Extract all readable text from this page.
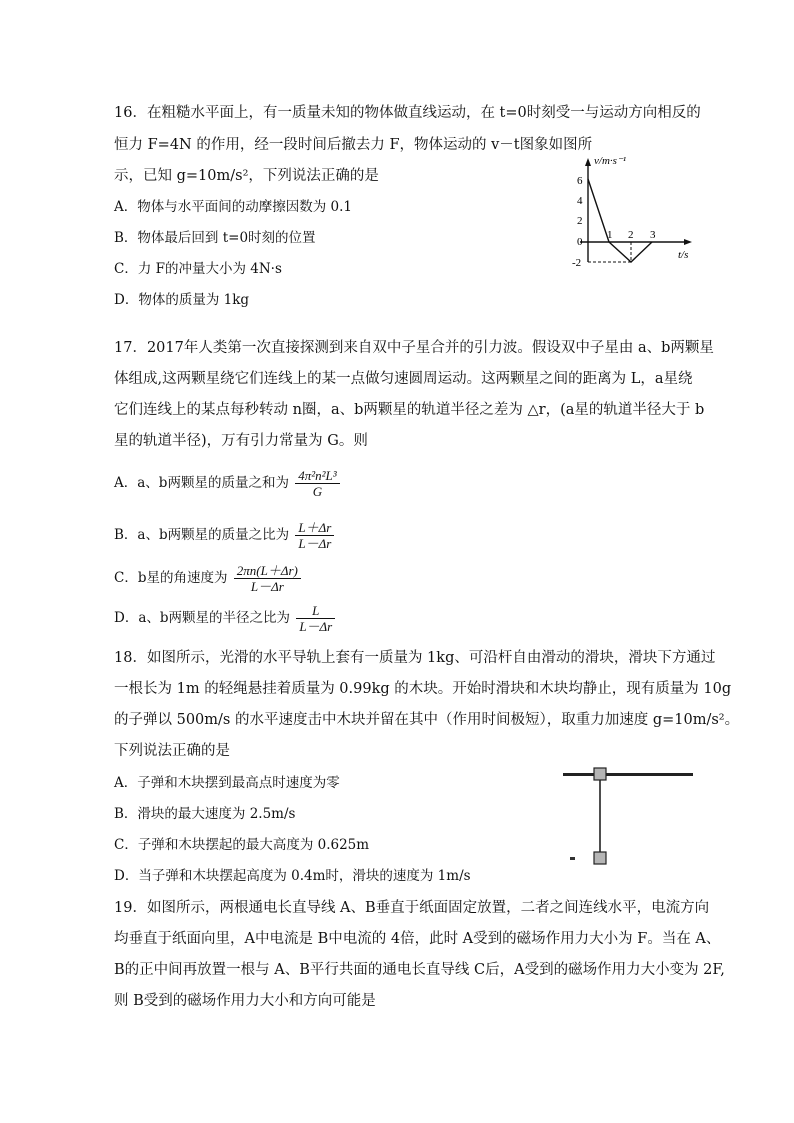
16．在粗糙水平面上，有一质量未知的物体做直线运动，在 t=0时刻受一与运动方向相反的
恒力 F=4N 的作用，经一段时间后撤去力 F，物体运动的 v－t图象如图所
示，已知 g=10m/s²，下列说法正确的是
A．物体与水平面间的动摩擦因数为 0.1
B．物体最后回到 t=0时刻的位置
C．力 F的冲量大小为 4N·s
D．物体的质量为 1kg
v/m·s⁻¹
t/s
6
4
2
0
-2
1 2 3
17．2017年人类第一次直接探测到来自双中子星合并的引力波。假设双中子星由 a、b两颗星
体组成,这两颗星绕它们连线上的某一点做匀速圆周运动。这两颗星之间的距离为 L，a星绕
它们连线上的某点每秒转动 n圈，a、b两颗星的轨道半径之差为 △r，(a星的轨道半径大于 b
星的轨道半径)，万有引力常量为 G。则
A．a、b两颗星的质量之和为 $\frac{\text{4π²n²L³}}{G}$
B．a、b两颗星的质量之比为 $\frac{L+\Delta r}{L-\Delta r}$
C．b星的角速度为 $\frac{2\pi n(L+\Delta r)}{L-\Delta r}$
D．a、b两颗星的半径之比为 $\frac{L}{L-\Delta r}$
18．如图所示，光滑的水平导轨上套有一质量为 1kg、可沿杆自由滑动的滑块，滑块下方通过
一根长为 1m 的轻绳悬挂着质量为 0.99kg 的木块。开始时滑块和木块均静止，现有质量为 10g
的子弹以 500m/s 的水平速度击中木块并留在其中（作用时间极短），取重力加速度 g=10m/s²。
下列说法正确的是
A．子弹和木块摆到最高点时速度为零
B．滑块的最大速度为 2.5m/s
C．子弹和木块摆起的最大高度为 0.625m
D．当子弹和木块摆起高度为 0.4m时，滑块的速度为 1m/s
19．如图所示，两根通电长直导线 A、B垂直于纸面固定放置，二者之间连线水平，电流方向
均垂直于纸面向里，A中电流是 B中电流的 4倍，此时 A受到的磁场作用力大小为 F。当在 A、
B的正中间再放置一根与 A、B平行共面的通电长直导线 C后，A受到的磁场作用力大小变为 2F,
则 B受到的磁场作用力大小和方向可能是
